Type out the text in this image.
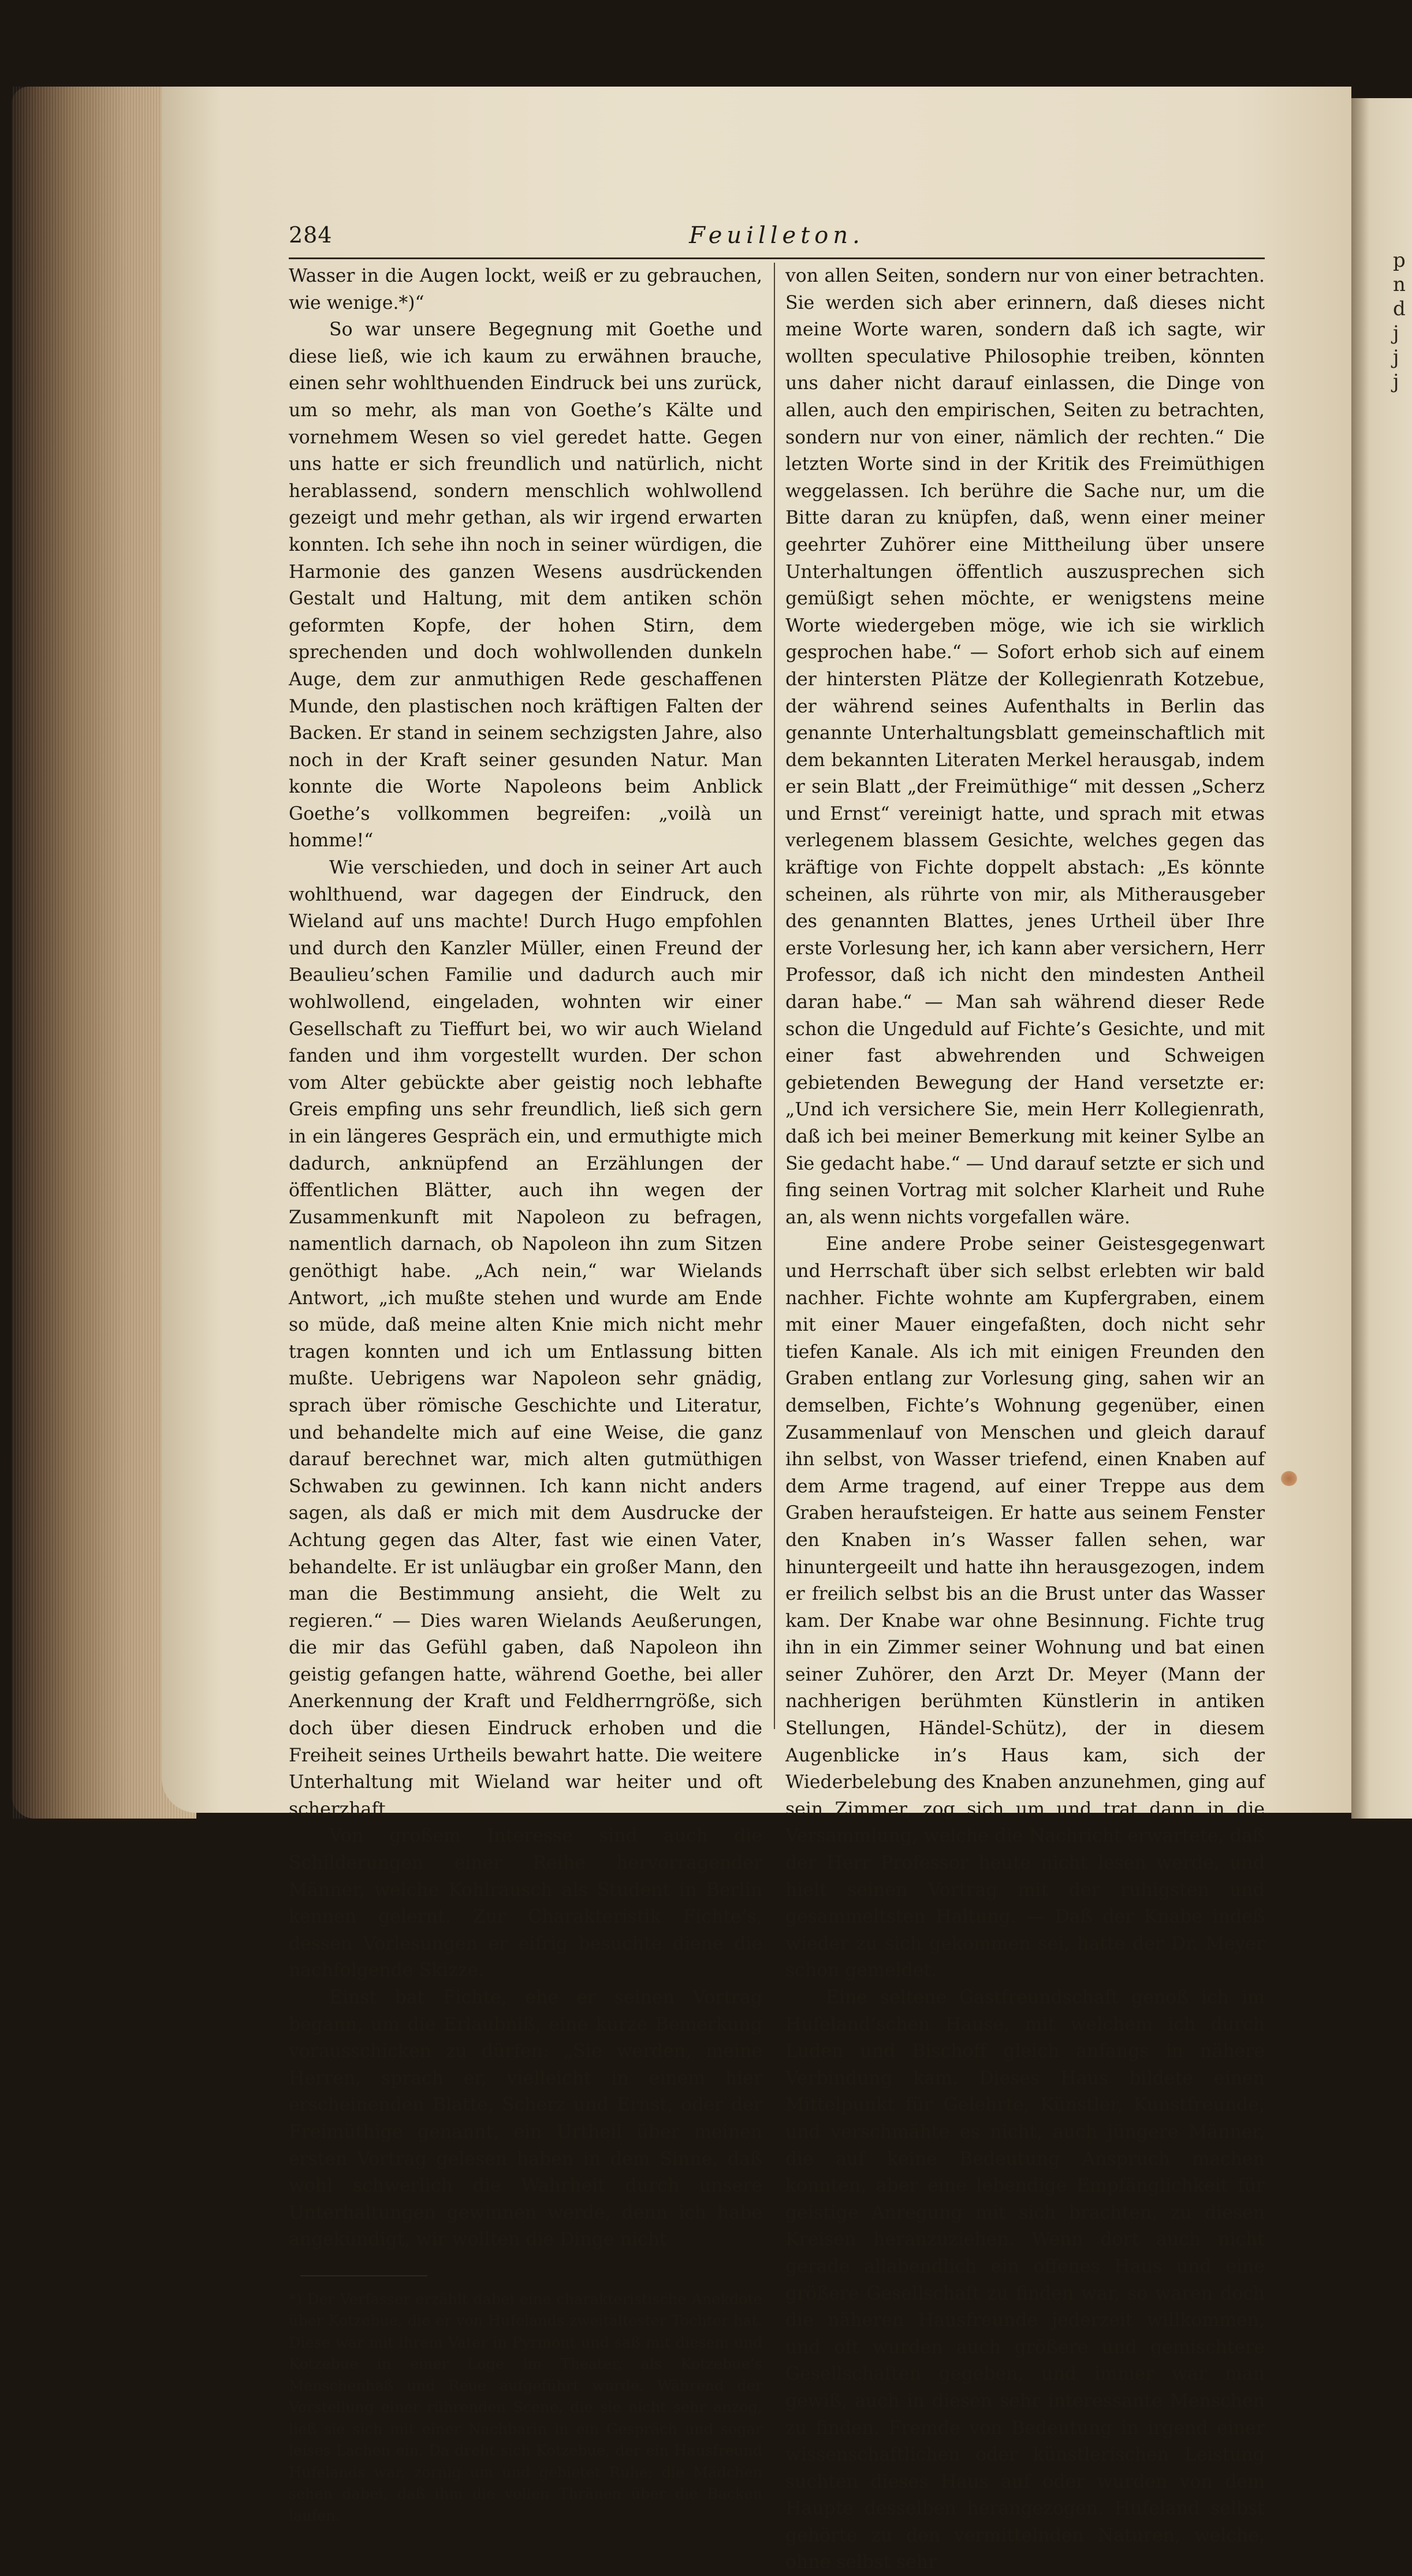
p
n
d
j
j
j
284	Feuilleton.

Wasser in die Augen lockt, weiß er zu gebrauchen, wie wenige.*)“

So war unsere Begegnung mit Goethe und diese ließ, wie ich kaum zu erwähnen brauche, einen sehr wohlthuenden Eindruck bei uns zurück, um so mehr, als man von Goethe’s Kälte und vornehmem Wesen so viel geredet hatte. Gegen uns hatte er sich freundlich und natürlich, nicht herablassend, sondern menschlich wohlwollend gezeigt und mehr gethan, als wir irgend erwarten konnten. Ich sehe ihn noch in seiner würdigen, die Harmonie des ganzen Wesens ausdrückenden Gestalt und Haltung, mit dem antiken schön geformten Kopfe, der hohen Stirn, dem sprechenden und doch wohlwollenden dunkeln Auge, dem zur anmuthigen Rede geschaffenen Munde, den plastischen noch kräftigen Falten der Backen. Er stand in seinem sechzigsten Jahre, also noch in der Kraft seiner gesunden Natur. Man konnte die Worte Napoleons beim Anblick Goethe’s vollkommen begreifen: „voilà un homme!“

Wie verschieden, und doch in seiner Art auch wohlthuend, war dagegen der Eindruck, den Wieland auf uns machte! Durch Hugo empfohlen und durch den Kanzler Müller, einen Freund der Beaulieu’schen Familie und dadurch auch mir wohlwollend, eingeladen, wohnten wir einer Gesellschaft zu Tieffurt bei, wo wir auch Wieland fanden und ihm vorgestellt wurden. Der schon vom Alter gebückte aber geistig noch lebhafte Greis empfing uns sehr freundlich, ließ sich gern in ein längeres Gespräch ein, und ermuthigte mich dadurch, anknüpfend an Erzählungen der öffentlichen Blätter, auch ihn wegen der Zusammenkunft mit Napoleon zu befragen, namentlich darnach, ob Napoleon ihn zum Sitzen genöthigt habe. „Ach nein,“ war Wielands Antwort, „ich mußte stehen und wurde am Ende so müde, daß meine alten Knie mich nicht mehr tragen konnten und ich um Entlassung bitten mußte. Uebrigens war Napoleon sehr gnädig, sprach über römische Geschichte und Literatur, und behandelte mich auf eine Weise, die ganz darauf berechnet war, mich alten gutmüthigen Schwaben zu gewinnen. Ich kann nicht anders sagen, als daß er mich mit dem Ausdrucke der Achtung gegen das Alter, fast wie einen Vater, behandelte. Er ist unläugbar ein großer Mann, den man die Bestimmung ansieht, die Welt zu regieren.“ — Dies waren Wielands Aeußerungen, die mir das Gefühl gaben, daß Napoleon ihn geistig gefangen hatte, während Goethe, bei aller Anerkennung der Kraft und Feldherrngröße, sich doch über diesen Eindruck erhoben und die Freiheit seines Urtheils bewahrt hatte. Die weitere Unterhaltung mit Wieland war heiter und oft scherzhaft.

Von großem Interesse sind auch die Schilderungen einer Reihe hervorragender Männer, welche Kohlrausch als Student in Berlin kennen gelernt. Zur Charakteristik Fichte’s, dessen Vorlesungen er eifrig besuchte diene die nachfolgende Skizze.

Einst bat Fichte, ehe er seinen Vortrag begann, um die Erlaubniß, eine kurze Bemerkung vorausschicken zu dürfen: „Sie werden, meine Herren, sprach er, vielleicht in einem hier erscheinenden Blatte, Scherz und Ernst, oder der Freimüthige genannt, ein Urtheil über meinen ersten Vortrag gelesen haben in dem Sinne, daß wohl schwerlich die Wahrheit durch unsere Unterhaltungen gewinnen werde, denn ich habe angekündigt, wir wollten die Dinge nicht

*) Der Verfasser erzählt dabei eine charakteristische Anekdote über Kotzebue, die er von Hufelands zweitältester Tochter hat. Diese war mit ihrem Vater in Pyrmont und saß mit diesem und Kotzebue in einer Loge im Theater, als Kotzebue’s Menschenhaß und Reue aufgeführt wurde. Während der Vorstellung einer rührenden Scene, die sie nicht sehr anzog, ließ sie sich mit einer Nachbarin in ein Gespräch und sogar leises Lachen ein. Da dreht sich Kotzebue, der ein Hausfreund Hufelands war, zornig um und gebietet Ruhe; die Mädchen sehen dabei, daß ihm die vollen Thränen über die Backen laufen.

von allen Seiten, sondern nur von einer betrachten. Sie werden sich aber erinnern, daß dieses nicht meine Worte waren, sondern daß ich sagte, wir wollten speculative Philosophie treiben, könnten uns daher nicht darauf einlassen, die Dinge von allen, auch den empirischen, Seiten zu betrachten, sondern nur von einer, nämlich der rechten.“ Die letzten Worte sind in der Kritik des Freimüthigen weggelassen. Ich berühre die Sache nur, um die Bitte daran zu knüpfen, daß, wenn einer meiner geehrter Zuhörer eine Mittheilung über unsere Unterhaltungen öffentlich auszusprechen sich gemüßigt sehen möchte, er wenigstens meine Worte wiedergeben möge, wie ich sie wirklich gesprochen habe.“ — Sofort erhob sich auf einem der hintersten Plätze der Kollegienrath Kotzebue, der während seines Aufenthalts in Berlin das genannte Unterhaltungsblatt gemeinschaftlich mit dem bekannten Literaten Merkel herausgab, indem er sein Blatt „der Freimüthige“ mit dessen „Scherz und Ernst“ vereinigt hatte, und sprach mit etwas verlegenem blassem Gesichte, welches gegen das kräftige von Fichte doppelt abstach: „Es könnte scheinen, als rührte von mir, als Mitherausgeber des genannten Blattes, jenes Urtheil über Ihre erste Vorlesung her, ich kann aber versichern, Herr Professor, daß ich nicht den mindesten Antheil daran habe.“ — Man sah während dieser Rede schon die Ungeduld auf Fichte’s Gesichte, und mit einer fast abwehrenden und Schweigen gebietenden Bewegung der Hand versetzte er: „Und ich versichere Sie, mein Herr Kollegienrath, daß ich bei meiner Bemerkung mit keiner Sylbe an Sie gedacht habe.“ — Und darauf setzte er sich und fing seinen Vortrag mit solcher Klarheit und Ruhe an, als wenn nichts vorgefallen wäre.

Eine andere Probe seiner Geistesgegenwart und Herrschaft über sich selbst erlebten wir bald nachher. Fichte wohnte am Kupfergraben, einem mit einer Mauer eingefaßten, doch nicht sehr tiefen Kanale. Als ich mit einigen Freunden den Graben entlang zur Vorlesung ging, sahen wir an demselben, Fichte’s Wohnung gegenüber, einen Zusammenlauf von Menschen und gleich darauf ihn selbst, von Wasser triefend, einen Knaben auf dem Arme tragend, auf einer Treppe aus dem Graben heraufsteigen. Er hatte aus seinem Fenster den Knaben in’s Wasser fallen sehen, war hinuntergeeilt und hatte ihn herausgezogen, indem er freilich selbst bis an die Brust unter das Wasser kam. Der Knabe war ohne Besinnung. Fichte trug ihn in ein Zimmer seiner Wohnung und bat einen seiner Zuhörer, den Arzt Dr. Meyer (Mann der nachherigen berühmten Künstlerin in antiken Stellungen, Händel-Schütz), der in diesem Augenblicke in’s Haus kam, sich der Wiederbelebung des Knaben anzunehmen, ging auf sein Zimmer, zog sich um und trat dann in die Versammlung, welche die Nachricht erwartete, daß der Herr Professor heute nicht lesen werde, und hielt seinen Vortrag mit der ruhigsten und gesammeltsten Haltung. — Daß der Knabe indeß wieder zu sich gekommen sei, hatte der Dr. Meyer schon gemeldet.

Eine seltene Gastfreundschaft genoß ich im Hufeland’schen Hause, mit welchem ich durch Luden und Bischoff gleich anfangs in nähere Verbindung kam. Dieses Haus bildete einen Mittelpunkt für Gelehrte, Künstler, Kunstfreunde, und verschmähte es nicht, auch jüngere Männer, die auf keine Bedeutung Anspruch machen konnten, aber eine lebendige Empfänglichkeit für geistige Anregung mit sich brachten, zu diesen Kreisen heranzuziehen. Wenn dort auch nicht gerade allabendlich ein offenes Haus und eine größere Gesellschaft zu finden war, so waren doch die näheren Hausfreunde jederzeit willkommen, und oft wurden auch größere und gemischtere Gesellschaften gegeben, und immer war man gewiß, auch in diesen sehr interessante Menschen zu finden. Fremde von Bedeutung in irgend einer wissenschaftlichen oder künstlerischen Leistung suchten dieses Haus auf oder wurden von dem Haupte desselben herangezogen. Hufeland selbst gehörte zu den vermittelnden Naturen, welche, ohne selbst sehr
